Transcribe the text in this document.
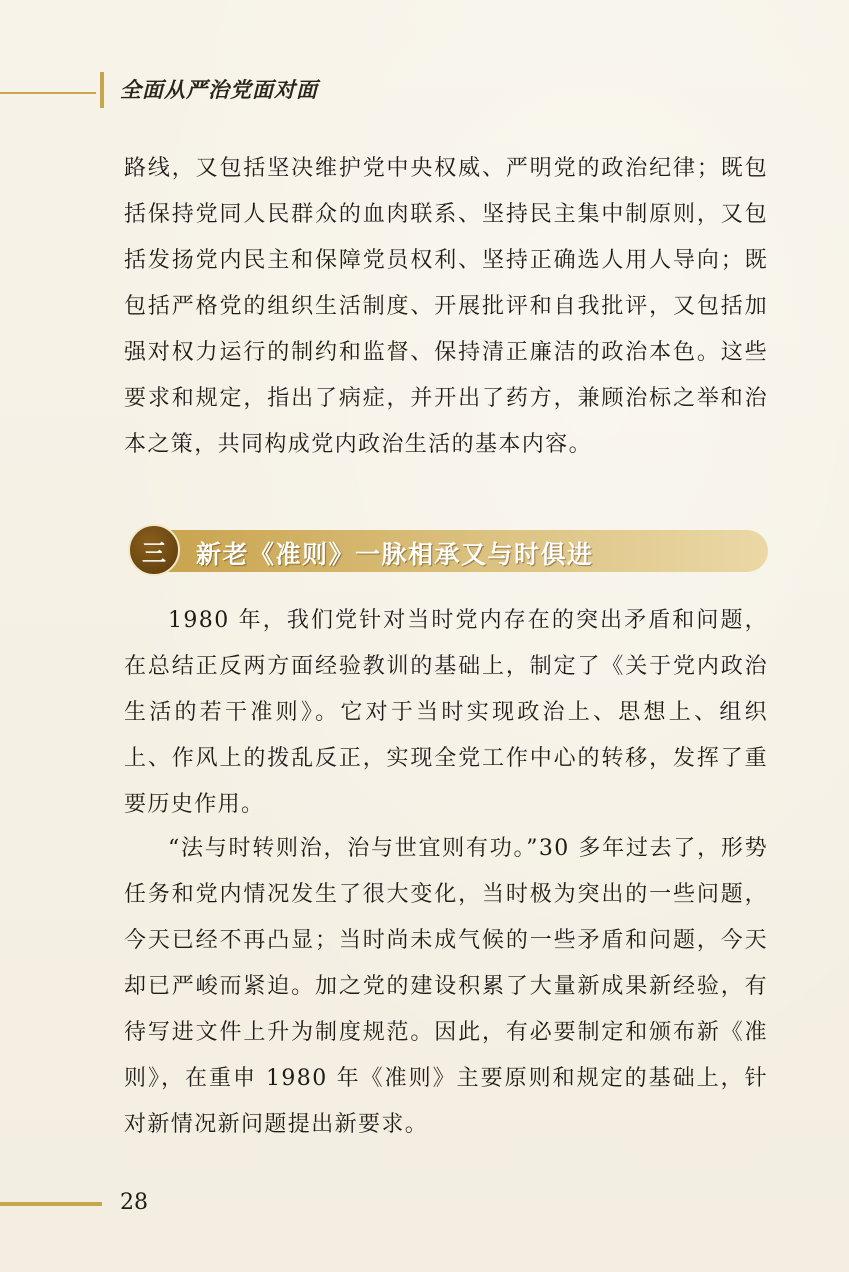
全面从严治党面对面

路线，又包括坚决维护党中央权威、严明党的政治纪律；既包括保持党同人民群众的血肉联系、坚持民主集中制原则，又包括发扬党内民主和保障党员权利、坚持正确选人用人导向；既包括严格党的组织生活制度、开展批评和自我批评，又包括加强对权力运行的制约和监督、保持清正廉洁的政治本色。这些要求和规定，指出了病症，并开出了药方，兼顾治标之举和治本之策，共同构成党内政治生活的基本内容。

三 新老《准则》一脉相承又与时俱进

1980 年，我们党针对当时党内存在的突出矛盾和问题，在总结正反两方面经验教训的基础上，制定了《关于党内政治生活的若干准则》。它对于当时实现政治上、思想上、组织上、作风上的拨乱反正，实现全党工作中心的转移，发挥了重要历史作用。

“法与时转则治，治与世宜则有功。”30 多年过去了，形势任务和党内情况发生了很大变化，当时极为突出的一些问题，今天已经不再凸显；当时尚未成气候的一些矛盾和问题，今天却已严峻而紧迫。加之党的建设积累了大量新成果新经验，有待写进文件上升为制度规范。因此，有必要制定和颁布新《准则》，在重申 1980 年《准则》主要原则和规定的基础上，针对新情况新问题提出新要求。

28
